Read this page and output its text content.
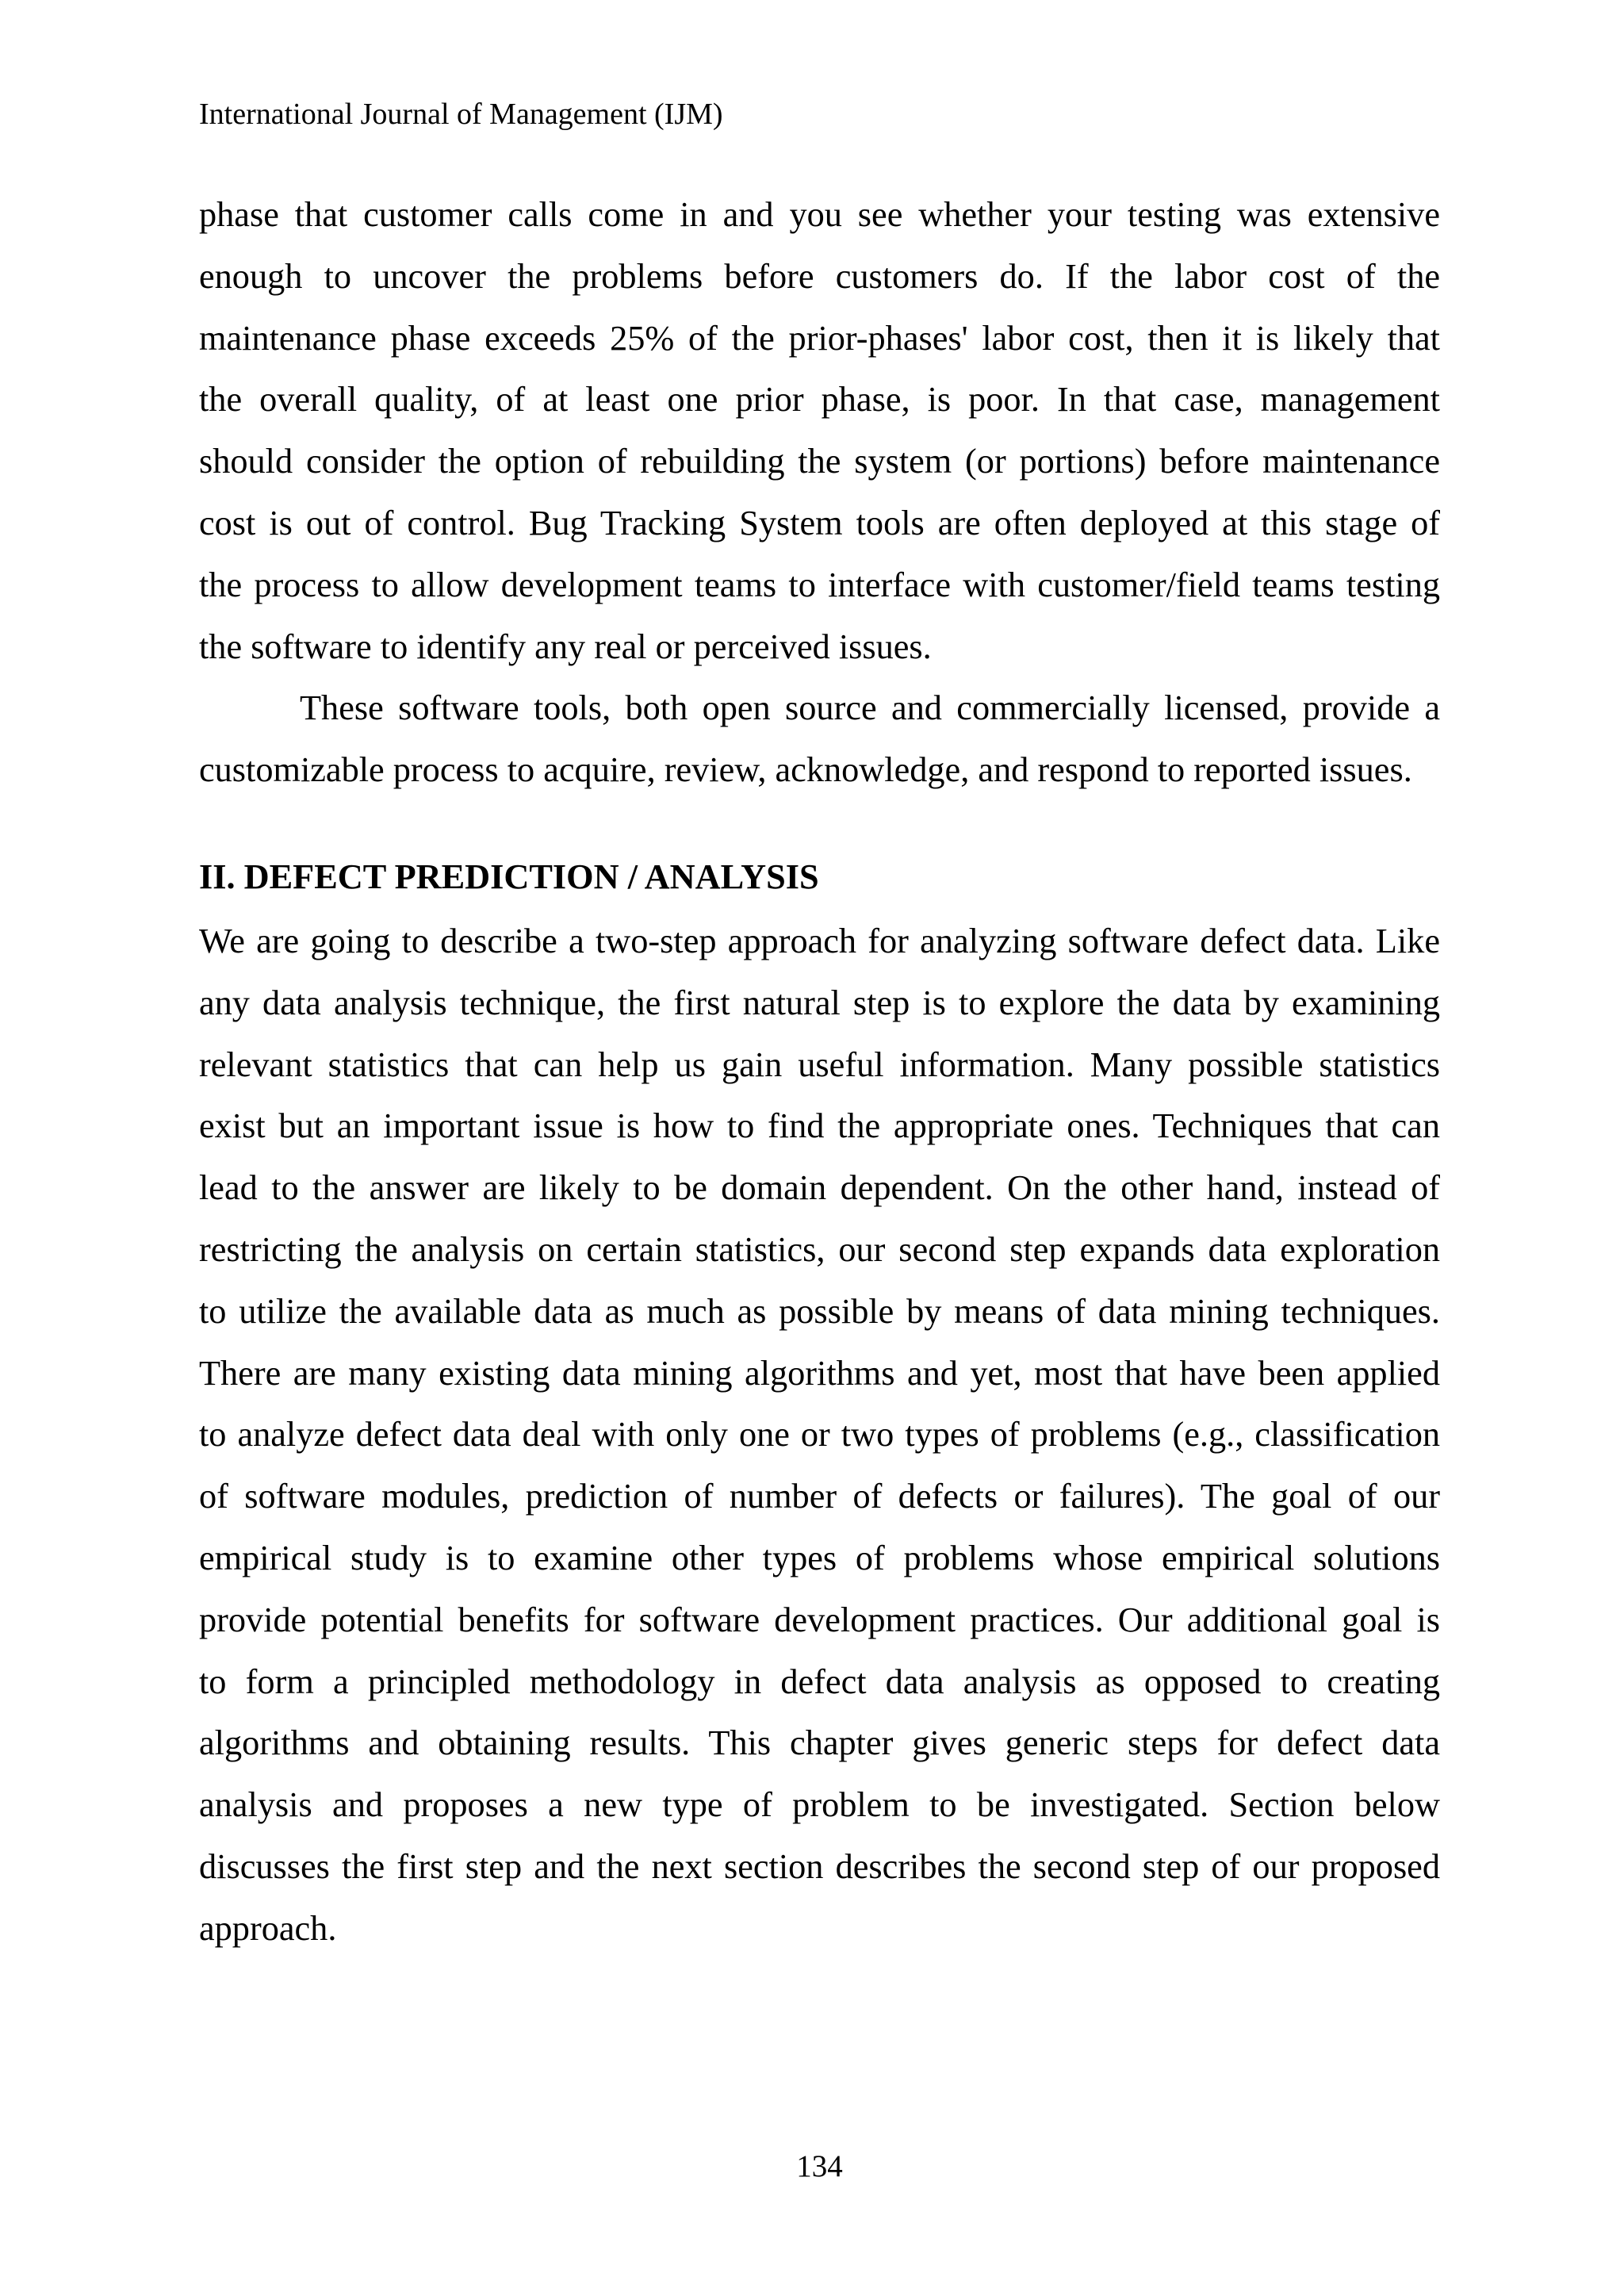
International Journal of Management (IJM)
phase that customer calls come in and you see whether your testing was extensive
enough to uncover the problems before customers do. If the labor cost of the
maintenance phase exceeds 25% of the prior-phases' labor cost, then it is likely that
the overall quality, of at least one prior phase, is poor. In that case, management
should consider the option of rebuilding the system (or portions) before maintenance
cost is out of control. Bug Tracking System tools are often deployed at this stage of
the process to allow development teams to interface with customer/field teams testing
the software to identify any real or perceived issues.
These software tools, both open source and commercially licensed, provide a
customizable process to acquire, review, acknowledge, and respond to reported issues.
II. DEFECT PREDICTION / ANALYSIS
We are going to describe a two-step approach for analyzing software defect data. Like
any data analysis technique, the first natural step is to explore the data by examining
relevant statistics that can help us gain useful information. Many possible statistics
exist but an important issue is how to find the appropriate ones. Techniques that can
lead to the answer are likely to be domain dependent. On the other hand, instead of
restricting the analysis on certain statistics, our second step expands data exploration
to utilize the available data as much as possible by means of data mining techniques.
There are many existing data mining algorithms and yet, most that have been applied
to analyze defect data deal with only one or two types of problems (e.g., classification
of software modules, prediction of number of defects or failures). The goal of our
empirical study is to examine other types of problems whose empirical solutions
provide potential benefits for software development practices. Our additional goal is
to form a principled methodology in defect data analysis as opposed to creating
algorithms and obtaining results. This chapter gives generic steps for defect data
analysis and proposes a new type of problem to be investigated. Section below
discusses the first step and the next section describes the second step of our proposed
approach.
134
